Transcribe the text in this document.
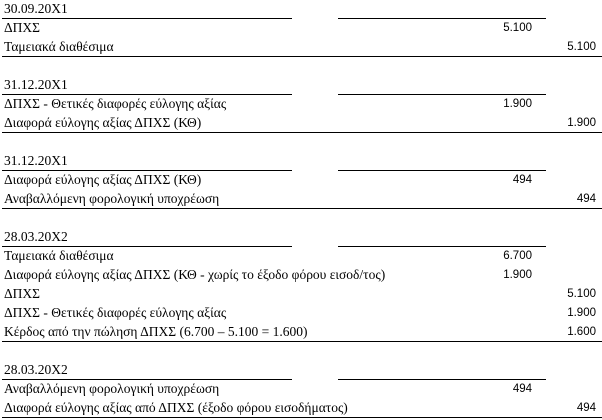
30.09.20X1
ΔΠΧΣ	5.100
Ταμειακά διαθέσιμα	5.100
31.12.20X1
ΔΠΧΣ - Θετικές διαφορές εύλογης αξίας	1.900
Διαφορά εύλογης αξίας ΔΠΧΣ (ΚΘ)	1.900
31.12.20X1
Διαφορά εύλογης αξίας ΔΠΧΣ (ΚΘ)	494
Αναβαλλόμενη φορολογική υποχρέωση	494
28.03.20X2
Ταμειακά διαθέσιμα	6.700
Διαφορά εύλογης αξίας ΔΠΧΣ (ΚΘ - χωρίς το έξοδο φόρου εισοδ/τος)	1.900
ΔΠΧΣ	5.100
ΔΠΧΣ - Θετικές διαφορές εύλογης αξίας	1.900
Κέρδος από την πώληση ΔΠΧΣ (6.700 – 5.100 = 1.600)	1.600
28.03.20X2
Αναβαλλόμενη φορολογική υποχρέωση	494
Διαφορά εύλογης αξίας από ΔΠΧΣ (έξοδο φόρου εισοδήματος)	494
